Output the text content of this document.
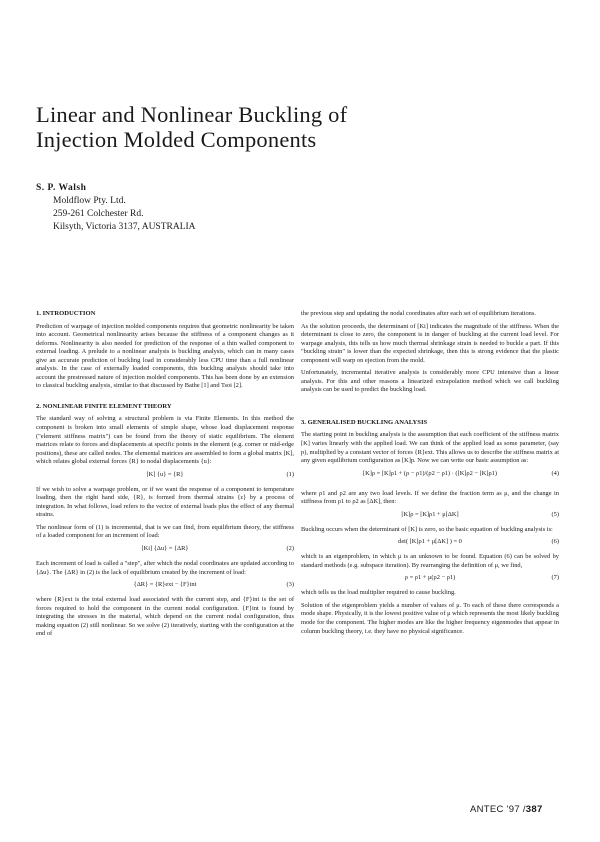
Linear and Nonlinear Buckling of
Injection Molded Components
S. P. Walsh
Moldflow Pty. Ltd.
259-261 Colchester Rd.
Kilsyth, Victoria 3137, AUSTRALIA
1. INTRODUCTION

Prediction of warpage of injection molded components requires that geometric nonlinearity be taken into account. Geometrical nonlinearity arises because the stiffness of a component changes as it deforms. Nonlinearity is also needed for prediction of the response of a thin walled component to external loading. A prelude to a nonlinear analysis is buckling analysis, which can in many cases give an accurate prediction of buckling load in considerably less CPU time than a full nonlinear analysis. In the case of externally loaded components, this buckling analysis should take into account the prestressed nature of injection molded components. This has been done by an extension to classical buckling analysis, similar to that discussed by Bathe [1] and Tsoi [2].

2. NONLINEAR FINITE ELEMENT THEORY

The standard way of solving a structural problem is via Finite Elements. In this method the component is broken into small elements of simple shape, whose load displacement response ("element stiffness matrix") can be found from the theory of static equilibrium. The element matrices relate to forces and displacements at specific points in the element (e.g. corner or mid-edge positions), these are called nodes. The elemental matrices are assembled to form a global matrix [K], which relates global external forces {R} to nodal displacements {u}:

[K] {u} = {R}	(1)

If we wish to solve a warpage problem, or if we want the response of a component to temperature loading, then the right hand side, {R}, is formed from thermal strains {ε} by a process of integration. In what follows, load refers to the vector of external loads plus the effect of any thermal strains.

The nonlinear form of (1) is incremental, that is we can find, from equilibrium theory, the stiffness of a loaded component for an increment of load:

[Ki] {Δu} = {ΔR}	(2)

Each increment of load is called a "step", after which the nodal coordinates are updated according to {Δu}. The {ΔR} in (2) is the lack of equilibrium created by the increment of load:

{ΔR} = {R}ext − {F}int	(3)

where {R}ext is the total external load associated with the current step, and {F}int is the set of forces required to hold the component in the current nodal configuration. {F}int is found by integrating the stresses in the material, which depend on the current nodal configuration, thus making equation (2) still nonlinear. So we solve (2) iteratively, starting with the configuration at the end of

the previous step and updating the nodal coordinates after each set of equilibrium iterations.

As the solution proceeds, the determinant of [Ki] indicates the magnitude of the stiffness. When the determinant is close to zero, the component is in danger of buckling at the current load level. For warpage analysis, this tells us how much thermal shrinkage strain is needed to buckle a part. If this "buckling strain" is lower than the expected shrinkage, then this is strong evidence that the plastic component will warp on ejection from the mold.

Unfortunately, incremental iterative analysis is considerably more CPU intensive than a linear analysis. For this and other reasons a linearized extrapolation method which we call buckling analysis can be used to predict the buckling load.

3. GENERALISED BUCKLING ANALYSIS

The starting point in buckling analysis is the assumption that each coefficient of the stiffness matrix [K] varies linearly with the applied load. We can think of the applied load as some parameter, (say p), multiplied by a constant vector of forces {R}ext. This allows us to describe the stiffness matrix at any given equilibrium configuration as [K]p. Now we can write our basic assumption as:

[K]ρ = [K]ρ1 + (ρ − ρ1)/(ρ2 − ρ1) · ([K]ρ2 − [K]ρ1)	(4)

where ρ1 and ρ2 are any two load levels. If we define the fraction term as μ, and the change in stiffness from ρ1 to ρ2 as [ΔK], then:

[K]ρ = [K]ρ1 + μ[ΔK]	(5)

Buckling occurs when the determinant of [K] is zero, so the basic equation of buckling analysis is:

det( [K]ρ1 + μ[ΔK] ) = 0	(6)

which is an eigenproblem, in which μ is an unknown to be found. Equation (6) can be solved by standard methods (e.g. subspace iteration). By rearranging the definition of μ, we find,

ρ = ρ1 + μ(ρ2 − ρ1)	(7)

which tells us the load multiplier required to cause buckling.

Solution of the eigenproblem yields a number of values of μ. To each of these there corresponds a mode shape. Physically, it is the lowest positive value of μ which represents the most likely buckling mode for the component. The higher modes are like the higher frequency eigenmodes that appear in column buckling theory, i.e. they have no physical significance.

ANTEC '97 /387
